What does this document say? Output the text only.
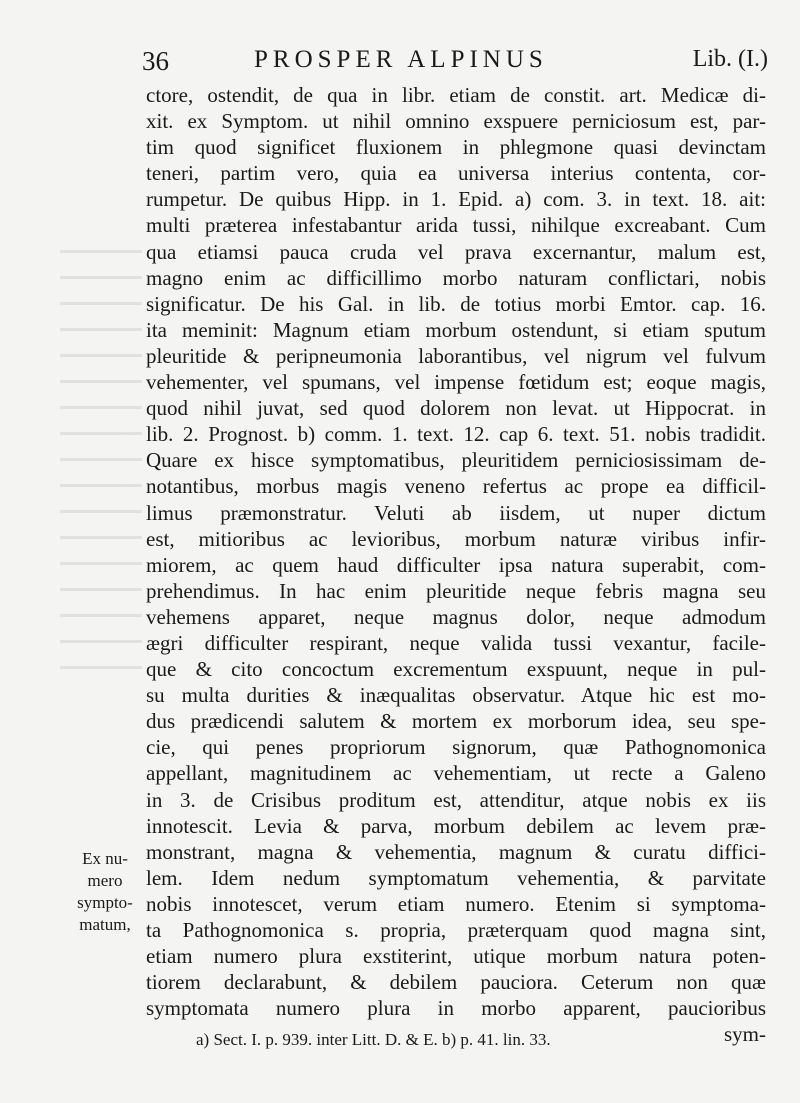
36	PROSPER ALPINUS	Lib. (I.)
ctore, ostendit, de qua in libr. etiam de constit. art. Medicæ di-
xit. ex Symptom. ut nihil omnino exspuere perniciosum est, par-
tim quod significet fluxionem in phlegmone quasi devinctam
teneri, partim vero, quia ea universa interius contenta, cor-
rumpetur. De quibus Hipp. in 1. Epid. a) com. 3. in text. 18. ait:
multi præterea infestabantur arida tussi, nihilque excreabant. Cum
qua etiamsi pauca cruda vel prava excernantur, malum est,
magno enim ac difficillimo morbo naturam conflictari, nobis
significatur. De his Gal. in lib. de totius morbi Emtor. cap. 16.
ita meminit: Magnum etiam morbum ostendunt, si etiam sputum
pleuritide & peripneumonia laborantibus, vel nigrum vel fulvum
vehementer, vel spumans, vel impense fœtidum est; eoque magis,
quod nihil juvat, sed quod dolorem non levat. ut Hippocrat. in
lib. 2. Prognost. b) comm. 1. text. 12. cap 6. text. 51. nobis tradidit.
Quare ex hisce symptomatibus, pleuritidem perniciosissimam de-
notantibus, morbus magis veneno refertus ac prope ea difficil-
limus præmonstratur. Veluti ab iisdem, ut nuper dictum
est, mitioribus ac levioribus, morbum naturæ viribus infir-
miorem, ac quem haud difficulter ipsa natura superabit, com-
prehendimus. In hac enim pleuritide neque febris magna seu
vehemens apparet, neque magnus dolor, neque admodum
ægri difficulter respirant, neque valida tussi vexantur, facile-
que & cito concoctum excrementum exspuunt, neque in pul-
su multa durities & inæqualitas observatur. Atque hic est mo-
dus prædicendi salutem & mortem ex morborum idea, seu spe-
cie, qui penes propriorum signorum, quæ Pathognomonica
appellant, magnitudinem ac vehementiam, ut recte a Galeno
in 3. de Crisibus proditum est, attenditur, atque nobis ex iis
innotescit. Levia & parva, morbum debilem ac levem præ-
monstrant, magna & vehementia, magnum & curatu diffici-
lem. Idem nedum symptomatum vehementia, & parvitate
nobis innotescet, verum etiam numero. Etenim si symptoma-
ta Pathognomonica s. propria, præterquam quod magna sint,
etiam numero plura exstiterint, utique morbum natura poten-
tiorem declarabunt, & debilem pauciora. Ceterum non quæ
symptomata numero plura in morbo apparent, paucioribus
sym-
Ex nu-
mero
sympto-
matum,
a) Sect. I. p. 939. inter Litt. D. & E. b) p. 41. lin. 33.
